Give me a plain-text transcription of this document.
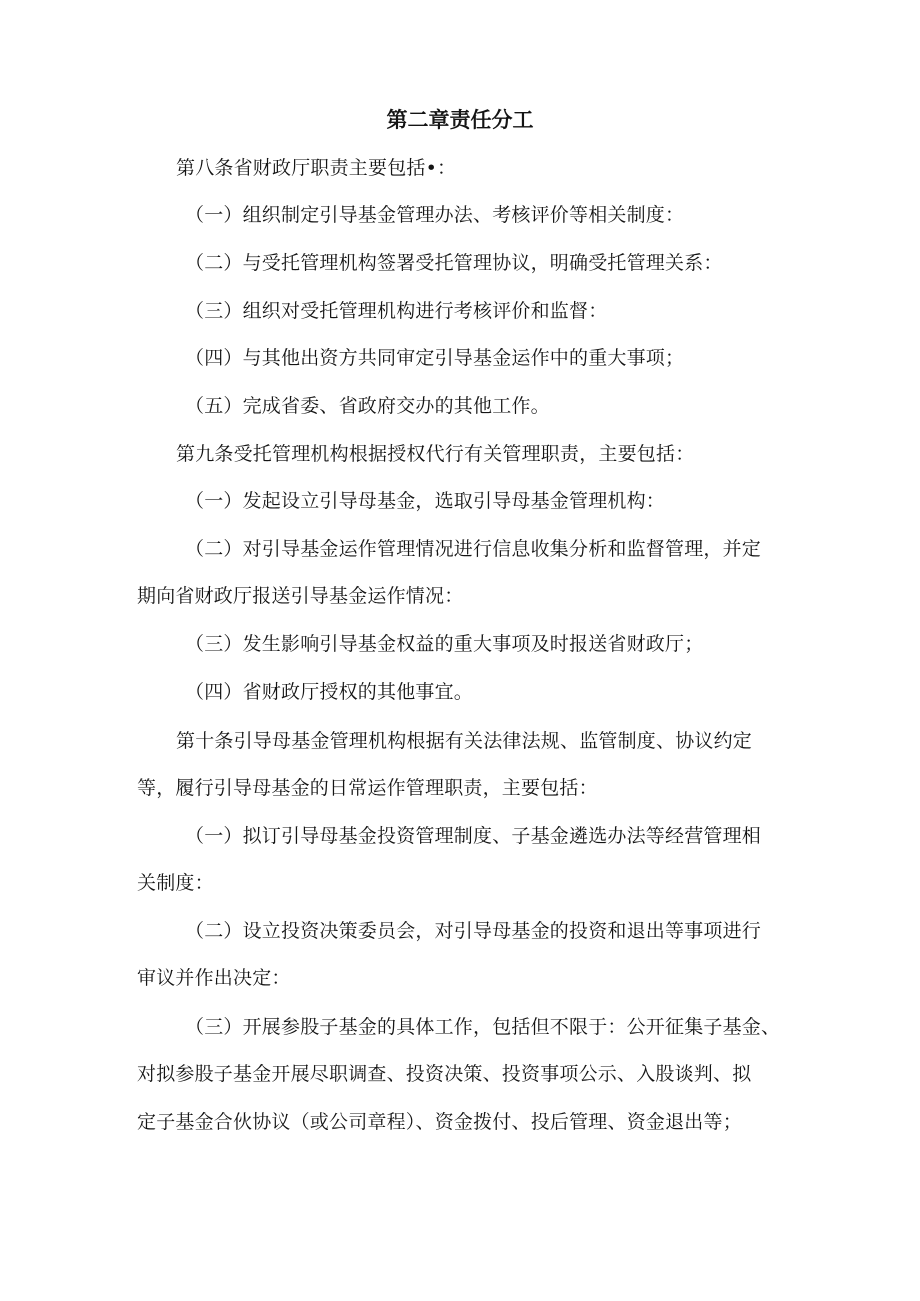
第二章责任分工
第八条省财政厅职责主要包括•：
（一）组织制定引导基金管理办法、考核评价等相关制度：
（二）与受托管理机构签署受托管理协议，明确受托管理关系：
（三）组织对受托管理机构进行考核评价和监督：
（四）与其他出资方共同审定引导基金运作中的重大事项；
（五）完成省委、省政府交办的其他工作。
第九条受托管理机构根据授权代行有关管理职责，主要包括：
（一）发起设立引导母基金，选取引导母基金管理机构：
（二）对引导基金运作管理情况进行信息收集分析和监督管理，并定
期向省财政厅报送引导基金运作情况：
（三）发生影响引导基金权益的重大事项及时报送省财政厅；
（四）省财政厅授权的其他事宜。
第十条引导母基金管理机构根据有关法律法规、监管制度、协议约定
等，履行引导母基金的日常运作管理职责，主要包括：
（一）拟订引导母基金投资管理制度、子基金遴选办法等经营管理相
关制度：
（二）设立投资决策委员会，对引导母基金的投资和退出等事项进行
审议并作出决定：
（三）开展参股子基金的具体工作，包括但不限于：公开征集子基金、
对拟参股子基金开展尽职调查、投资决策、投资事项公示、入股谈判、拟
定子基金合伙协议（或公司章程）、资金拨付、投后管理、资金退出等；
